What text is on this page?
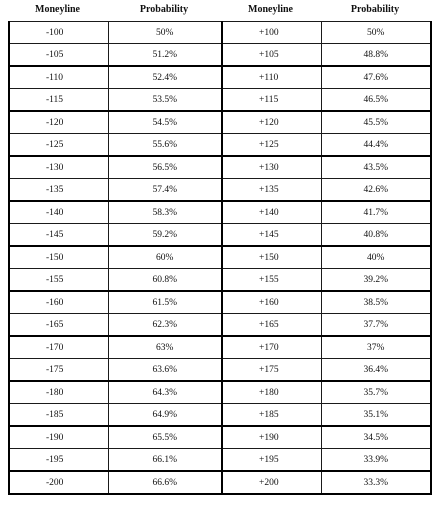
Moneyline	Probability	Moneyline	Probability
-100	50%	+100	50%
-105	51.2%	+105	48.8%
-110	52.4%	+110	47.6%
-115	53.5%	+115	46.5%
-120	54.5%	+120	45.5%
-125	55.6%	+125	44.4%
-130	56.5%	+130	43.5%
-135	57.4%	+135	42.6%
-140	58.3%	+140	41.7%
-145	59.2%	+145	40.8%
-150	60%	+150	40%
-155	60.8%	+155	39.2%
-160	61.5%	+160	38.5%
-165	62.3%	+165	37.7%
-170	63%	+170	37%
-175	63.6%	+175	36.4%
-180	64.3%	+180	35.7%
-185	64.9%	+185	35.1%
-190	65.5%	+190	34.5%
-195	66.1%	+195	33.9%
-200	66.6%	+200	33.3%
